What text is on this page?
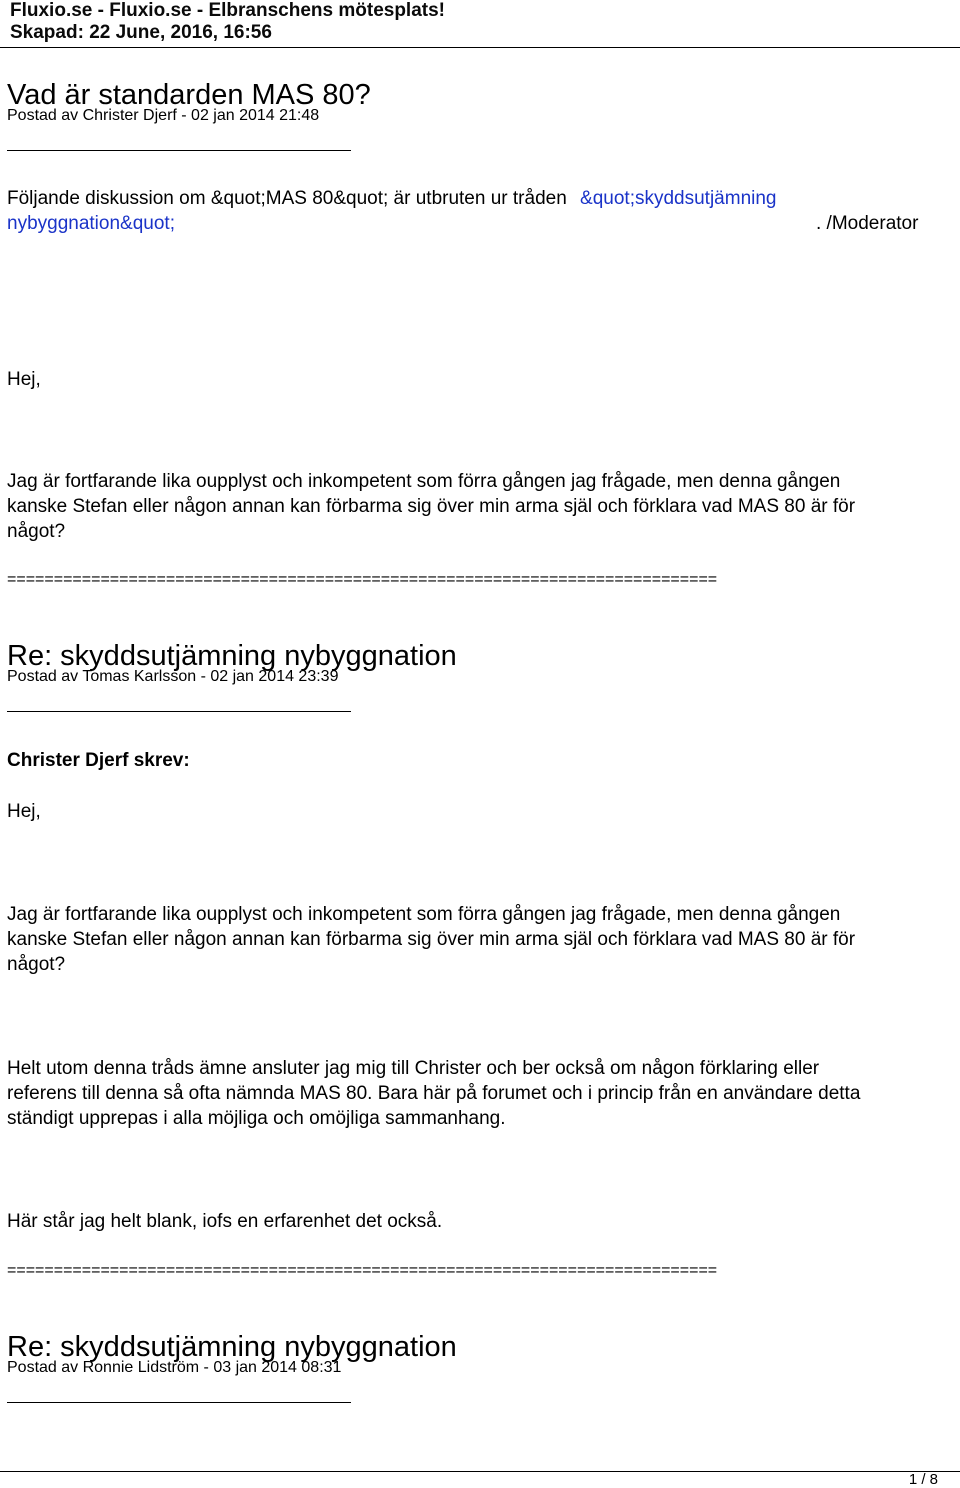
Fluxio.se - Fluxio.se - Elbranschens mötesplats!
Skapad: 22 June, 2016, 16:56
Vad är standarden MAS 80?
Postad av Christer Djerf - 02 jan 2014 21:48
Följande diskussion om &quot;MAS 80&quot; är utbruten ur tråden &quot;skyddsutjämning
nybyggnation&quot;	. /Moderator
Hej,
Jag är fortfarande lika oupplyst och inkompetent som förra gången jag frågade, men denna gången
kanske Stefan eller någon annan kan förbarma sig över min arma själ och förklara vad MAS 80 är för
något?
============================================================================
Re: skyddsutjämning nybyggnation
Postad av Tomas Karlsson - 02 jan 2014 23:39
Christer Djerf skrev:
Hej,
Jag är fortfarande lika oupplyst och inkompetent som förra gången jag frågade, men denna gången
kanske Stefan eller någon annan kan förbarma sig över min arma själ och förklara vad MAS 80 är för
något?
Helt utom denna tråds ämne ansluter jag mig till Christer och ber också om någon förklaring eller
referens till denna så ofta nämnda MAS 80. Bara här på forumet och i princip från en användare detta
ständigt upprepas i alla möjliga och omöjliga sammanhang.
Här står jag helt blank, iofs en erfarenhet det också.
============================================================================
Re: skyddsutjämning nybyggnation
Postad av Ronnie Lidström - 03 jan 2014 08:31
1 / 8
